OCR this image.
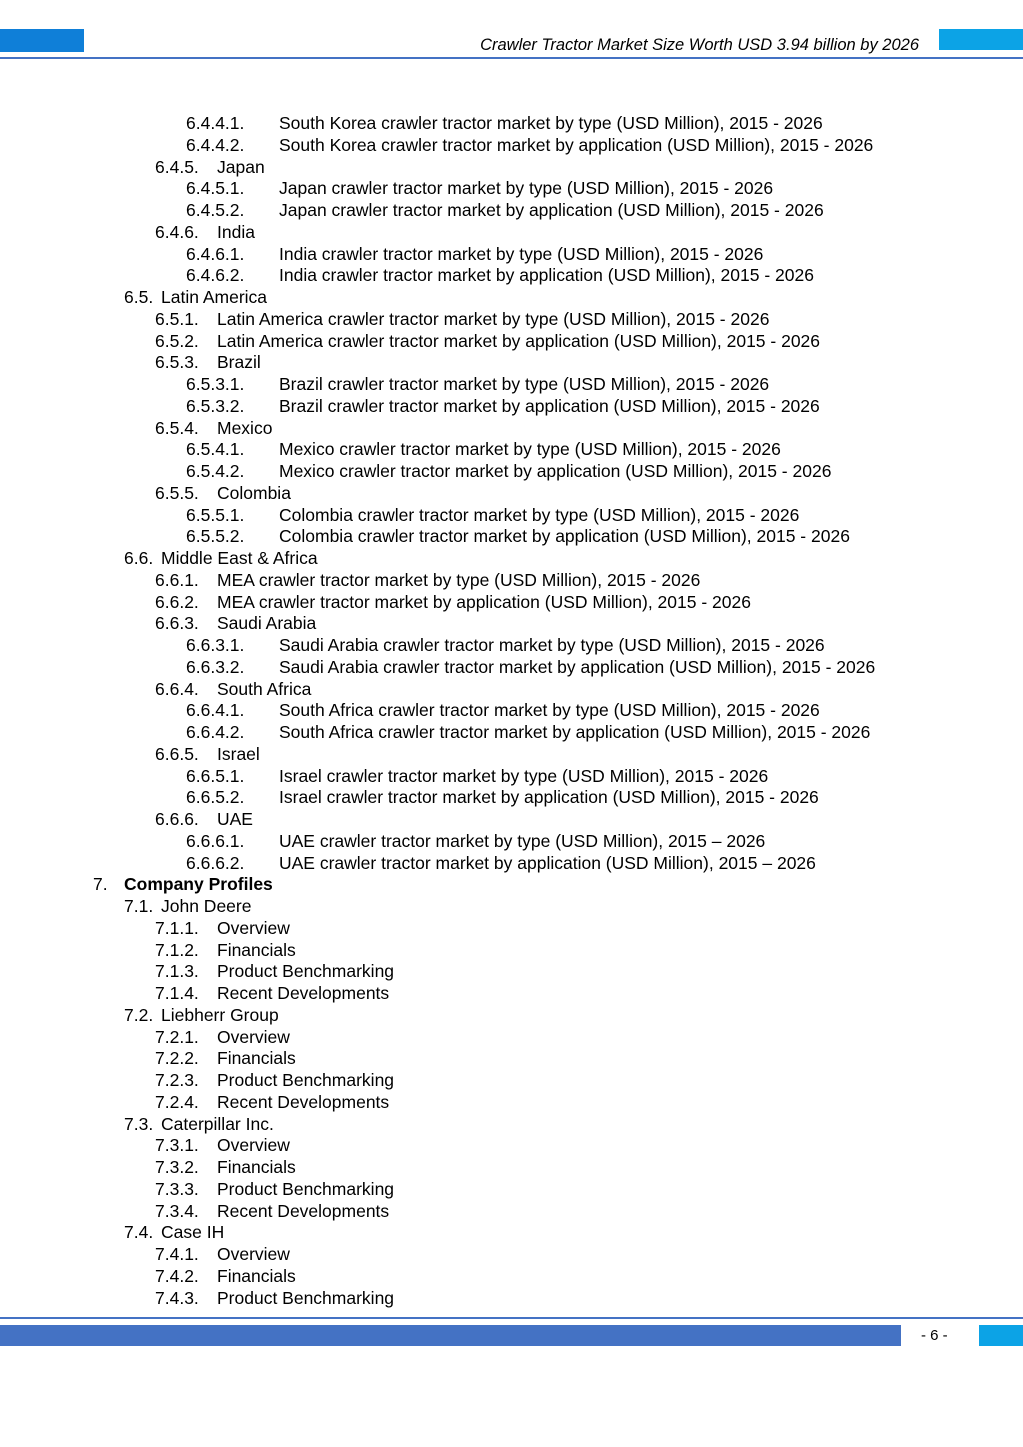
Crawler Tractor Market Size Worth USD 3.94 billion by 2026
6.4.4.1. South Korea crawler tractor market by type (USD Million), 2015 - 2026
6.4.4.2. South Korea crawler tractor market by application (USD Million), 2015 - 2026
6.4.5. Japan
6.4.5.1. Japan crawler tractor market by type (USD Million), 2015 - 2026
6.4.5.2. Japan crawler tractor market by application (USD Million), 2015 - 2026
6.4.6. India
6.4.6.1. India crawler tractor market by type (USD Million), 2015 - 2026
6.4.6.2. India crawler tractor market by application (USD Million), 2015 - 2026
6.5. Latin America
6.5.1. Latin America crawler tractor market by type (USD Million), 2015 - 2026
6.5.2. Latin America crawler tractor market by application (USD Million), 2015 - 2026
6.5.3. Brazil
6.5.3.1. Brazil crawler tractor market by type (USD Million), 2015 - 2026
6.5.3.2. Brazil crawler tractor market by application (USD Million), 2015 - 2026
6.5.4. Mexico
6.5.4.1. Mexico crawler tractor market by type (USD Million), 2015 - 2026
6.5.4.2. Mexico crawler tractor market by application (USD Million), 2015 - 2026
6.5.5. Colombia
6.5.5.1. Colombia crawler tractor market by type (USD Million), 2015 - 2026
6.5.5.2. Colombia crawler tractor market by application (USD Million), 2015 - 2026
6.6. Middle East & Africa
6.6.1. MEA crawler tractor market by type (USD Million), 2015 - 2026
6.6.2. MEA crawler tractor market by application (USD Million), 2015 - 2026
6.6.3. Saudi Arabia
6.6.3.1. Saudi Arabia crawler tractor market by type (USD Million), 2015 - 2026
6.6.3.2. Saudi Arabia crawler tractor market by application (USD Million), 2015 - 2026
6.6.4. South Africa
6.6.4.1. South Africa crawler tractor market by type (USD Million), 2015 - 2026
6.6.4.2. South Africa crawler tractor market by application (USD Million), 2015 - 2026
6.6.5. Israel
6.6.5.1. Israel crawler tractor market by type (USD Million), 2015 - 2026
6.6.5.2. Israel crawler tractor market by application (USD Million), 2015 - 2026
6.6.6. UAE
6.6.6.1. UAE crawler tractor market by type (USD Million), 2015 – 2026
6.6.6.2. UAE crawler tractor market by application (USD Million), 2015 – 2026
7. Company Profiles
7.1. John Deere
7.1.1. Overview
7.1.2. Financials
7.1.3. Product Benchmarking
7.1.4. Recent Developments
7.2. Liebherr Group
7.2.1. Overview
7.2.2. Financials
7.2.3. Product Benchmarking
7.2.4. Recent Developments
7.3. Caterpillar Inc.
7.3.1. Overview
7.3.2. Financials
7.3.3. Product Benchmarking
7.3.4. Recent Developments
7.4. Case IH
7.4.1. Overview
7.4.2. Financials
7.4.3. Product Benchmarking
- 6 -
